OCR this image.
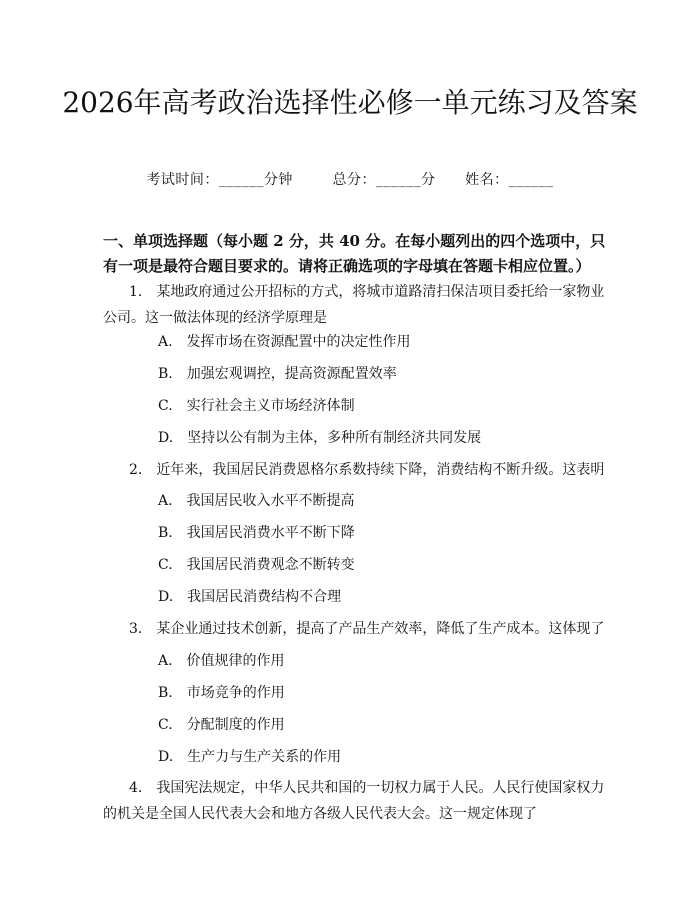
2026年高考政治选择性必修一单元练习及答案
考试时间：______分钟	总分：______分 姓名：______
一、单项选择题（每小题 2 分，共 40 分。在每小题列出的四个选项中，只有一项是最符合题目要求的。请将正确选项的字母填在答题卡相应位置。）
1.　某地政府通过公开招标的方式，将城市道路清扫保洁项目委托给一家物业公司。这一做法体现的经济学原理是
A.　发挥市场在资源配置中的决定性作用
B.　加强宏观调控，提高资源配置效率
C.　实行社会主义市场经济体制
D.　坚持以公有制为主体，多种所有制经济共同发展
2.　近年来，我国居民消费恩格尔系数持续下降，消费结构不断升级。这表明
A.　我国居民收入水平不断提高
B.　我国居民消费水平不断下降
C.　我国居民消费观念不断转变
D.　我国居民消费结构不合理
3.　某企业通过技术创新，提高了产品生产效率，降低了生产成本。这体现了
A.　价值规律的作用
B.　市场竞争的作用
C.　分配制度的作用
D.　生产力与生产关系的作用
4.　我国宪法规定，中华人民共和国的一切权力属于人民。人民行使国家权力的机关是全国人民代表大会和地方各级人民代表大会。这一规定体现了
